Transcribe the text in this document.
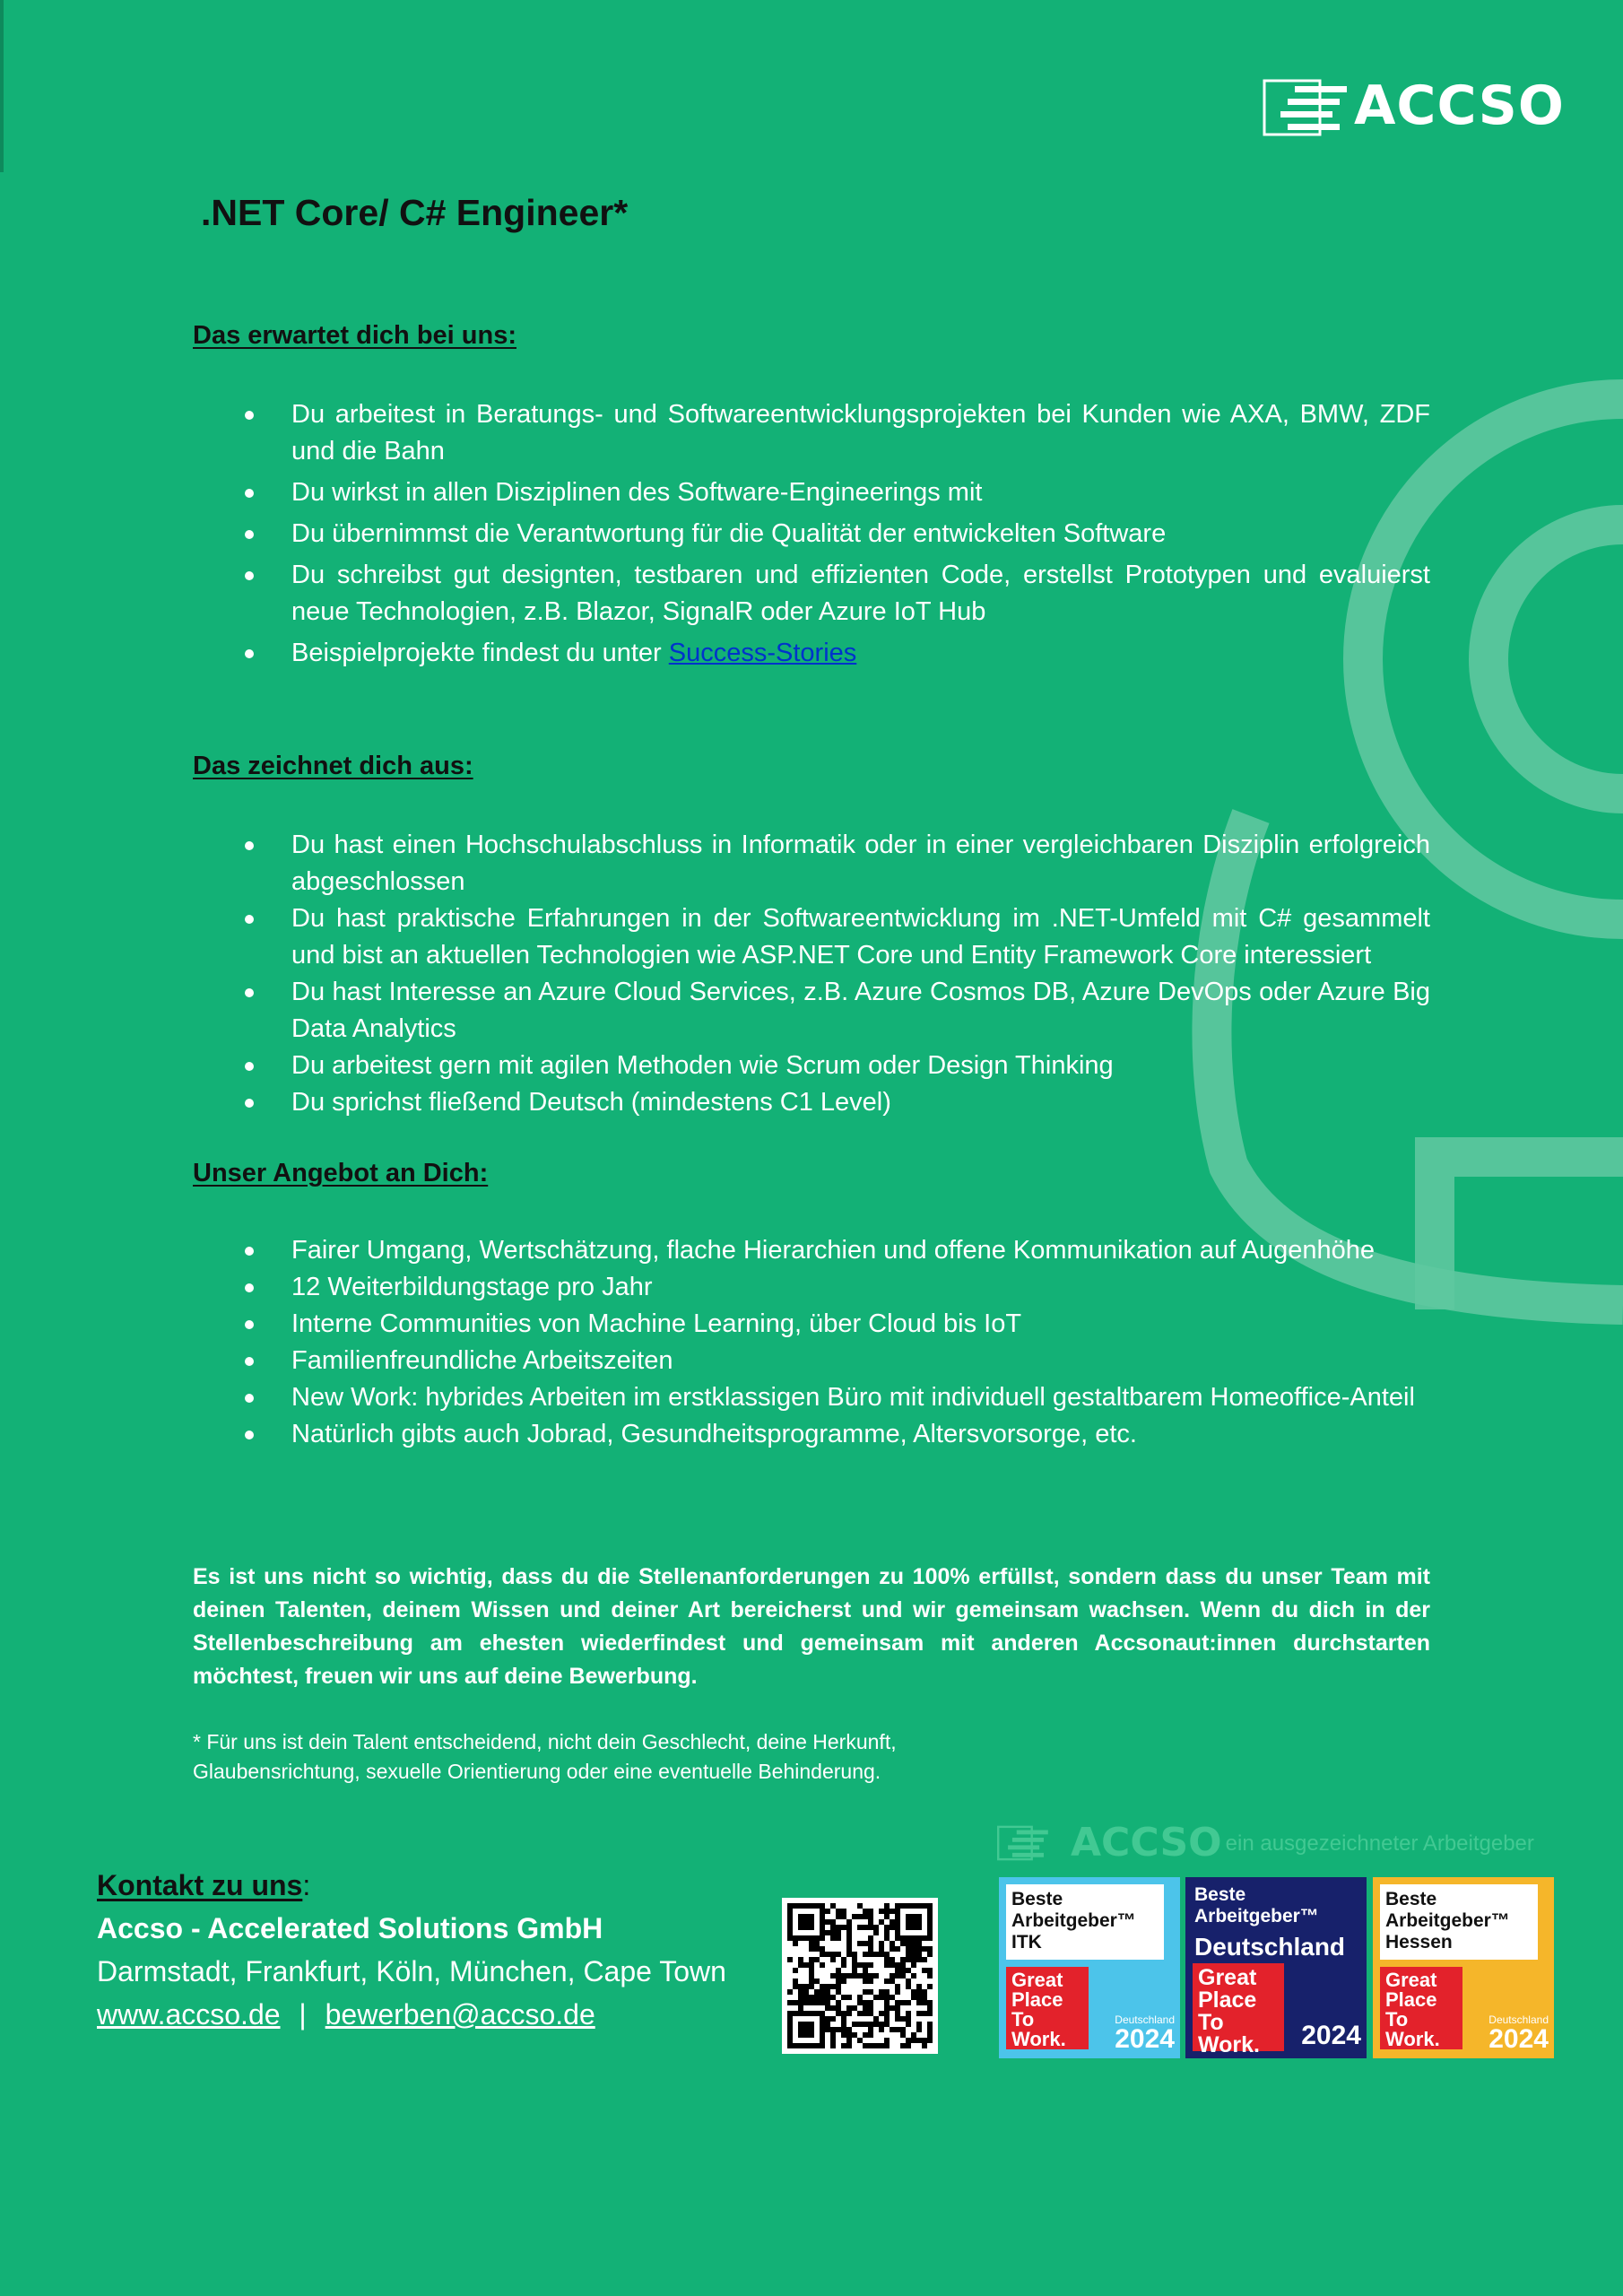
ACCSO
.NET Core/ C# Engineer*
Das erwartet dich bei uns:
Du arbeitest in Beratungs- und Softwareentwicklungsprojekten bei Kunden wie AXA, BMW, ZDF und die Bahn
Du wirkst in allen Disziplinen des Software-Engineerings mit
Du übernimmst die Verantwortung für die Qualität der entwickelten Software
Du schreibst gut designten, testbaren und effizienten Code, erstellst Prototypen und evaluierst neue Technologien, z.B. Blazor, SignalR oder Azure IoT Hub
Beispielprojekte findest du unter Success-Stories
Das zeichnet dich aus:
Du hast einen Hochschulabschluss in Informatik oder in einer vergleichbaren Disziplin erfolgreich abgeschlossen
Du hast praktische Erfahrungen in der Softwareentwicklung im .NET-Umfeld mit C# gesammelt und bist an aktuellen Technologien wie ASP.NET Core und Entity Framework Core interessiert
Du hast Interesse an Azure Cloud Services, z.B. Azure Cosmos DB, Azure DevOps oder Azure Big Data Analytics
Du arbeitest gern mit agilen Methoden wie Scrum oder Design Thinking
Du sprichst fließend Deutsch (mindestens C1 Level)
Unser Angebot an Dich:
Fairer Umgang, Wertschätzung, flache Hierarchien und offene Kommunikation auf Augenhöhe
12 Weiterbildungstage pro Jahr
Interne Communities von Machine Learning, über Cloud bis IoT
Familienfreundliche Arbeitszeiten
New Work: hybrides Arbeiten im erstklassigen Büro mit individuell gestaltbarem Homeoffice-Anteil
Natürlich gibts auch Jobrad, Gesundheitsprogramme, Altersvorsorge, etc.

Es ist uns nicht so wichtig, dass du die Stellenanforderungen zu 100% erfüllst, sondern dass du unser Team mit deinen Talenten, deinem Wissen und deiner Art bereicherst und wir gemeinsam wachsen. Wenn du dich in der Stellenbeschreibung am ehesten wiederfindest und gemeinsam mit anderen Accsonaut:innen durchstarten möchtest, freuen wir uns auf deine Bewerbung.

* Für uns ist dein Talent entscheidend, nicht dein Geschlecht, deine Herkunft, Glaubensrichtung, sexuelle Orientierung oder eine eventuelle Behinderung.

Kontakt zu uns:
Accso - Accelerated Solutions GmbH
Darmstadt, Frankfurt, Köln, München, Cape Town
www.accso.de | bewerben@accso.de
ACCSO
- ein ausgezeichneter Arbeitgeber
Beste
Arbeitgeber™
ITK
Great
Place
To
Work.
Deutschland
2024
Beste Arbeitgeber™
Deutschland
Great
Place
To
Work.	2024
Beste
Arbeitgeber™
Hessen
Great
Place
To
Work.
Deutschland
2024
